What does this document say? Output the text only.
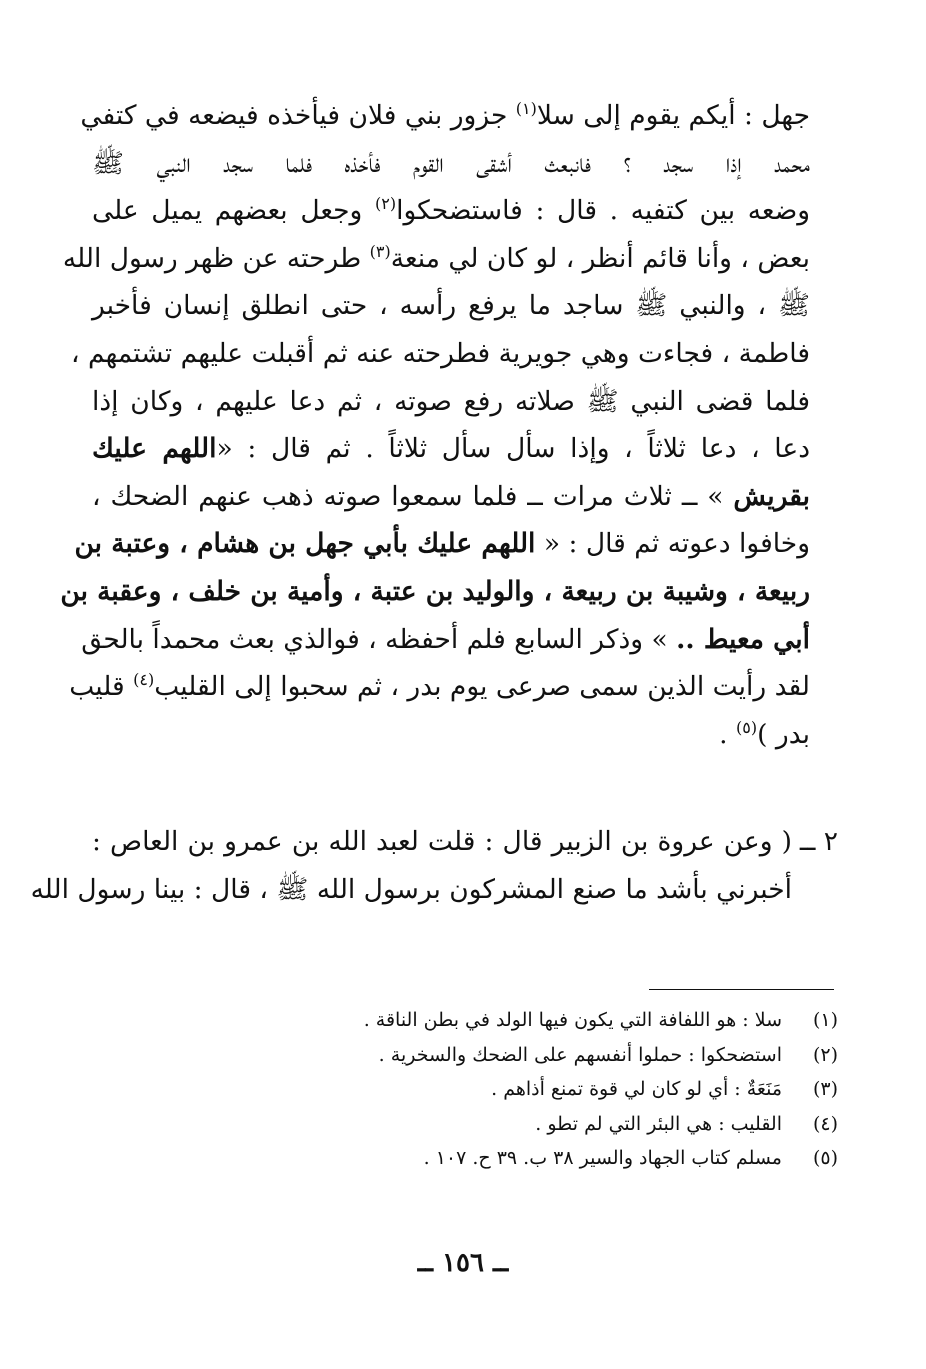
جهل : أيكم يقوم إلى سلا$^{(١)}$ جزور بني فلان فيأخذه فيضعه في كتفي
محمد إذا سجد ؟ فانبعث أشقى القوم فأخذه فلما سجد النبي ﷺ
وضعه بين كتفيه . قال : فاستضحكوا$^{(٢)}$ وجعل بعضهم يميل على
بعض ، وأنا قائم أنظر ، لو كان لي منعة$^{(٣)}$ طرحته عن ظهر رسول الله
ﷺ ، والنبي ﷺ ساجد ما يرفع رأسه ، حتى انطلق إنسان فأخبر
فاطمة ، فجاءت وهي جويرية فطرحته عنه ثم أقبلت عليهم تشتمهم ،
فلما قضى النبي ﷺ صلاته رفع صوته ، ثم دعا عليهم ، وكان إذا
دعا ، دعا ثلاثاً ، وإذا سأل سأل ثلاثاً . ثم قال : «اللهم عليك
بقريش » ــ ثلاث مرات ــ فلما سمعوا صوته ذهب عنهم الضحك ،
وخافوا دعوته ثم قال : « اللهم عليك بأبي جهل بن هشام ، وعتبة بن
ربيعة ، وشيبة بن ربيعة ، والوليد بن عتبة ، وأمية بن خلف ، وعقبة بن
أبي معيط .. » وذكر السابع فلم أحفظه ، فوالذي بعث محمداً بالحق
لقد رأيت الذين سمى صرعى يوم بدر ، ثم سحبوا إلى القليب$^{(٤)}$ قليب
بدر )$^{(٥)}$ .
٢ ــ
( وعن عروة بن الزبير قال : قلت لعبد الله بن عمرو بن العاص :
أخبرني بأشد ما صنع المشركون برسول الله ﷺ ، قال : بينا رسول الله
(١)
سلا : هو اللفافة التي يكون فيها الولد في بطن الناقة .
(٢)
استضحكوا : حملوا أنفسهم على الضحك والسخرية .
(٣)
مَنَعَةٌ : أي لو كان لي قوة تمنع أذاهم .
(٤)
القليب : هي البئر التي لم تطو .
(٥)
مسلم كتاب الجهاد والسير ٣٨ ب. ٣٩ ح. ١٠٧ .
ــ ١٥٦ ــ
